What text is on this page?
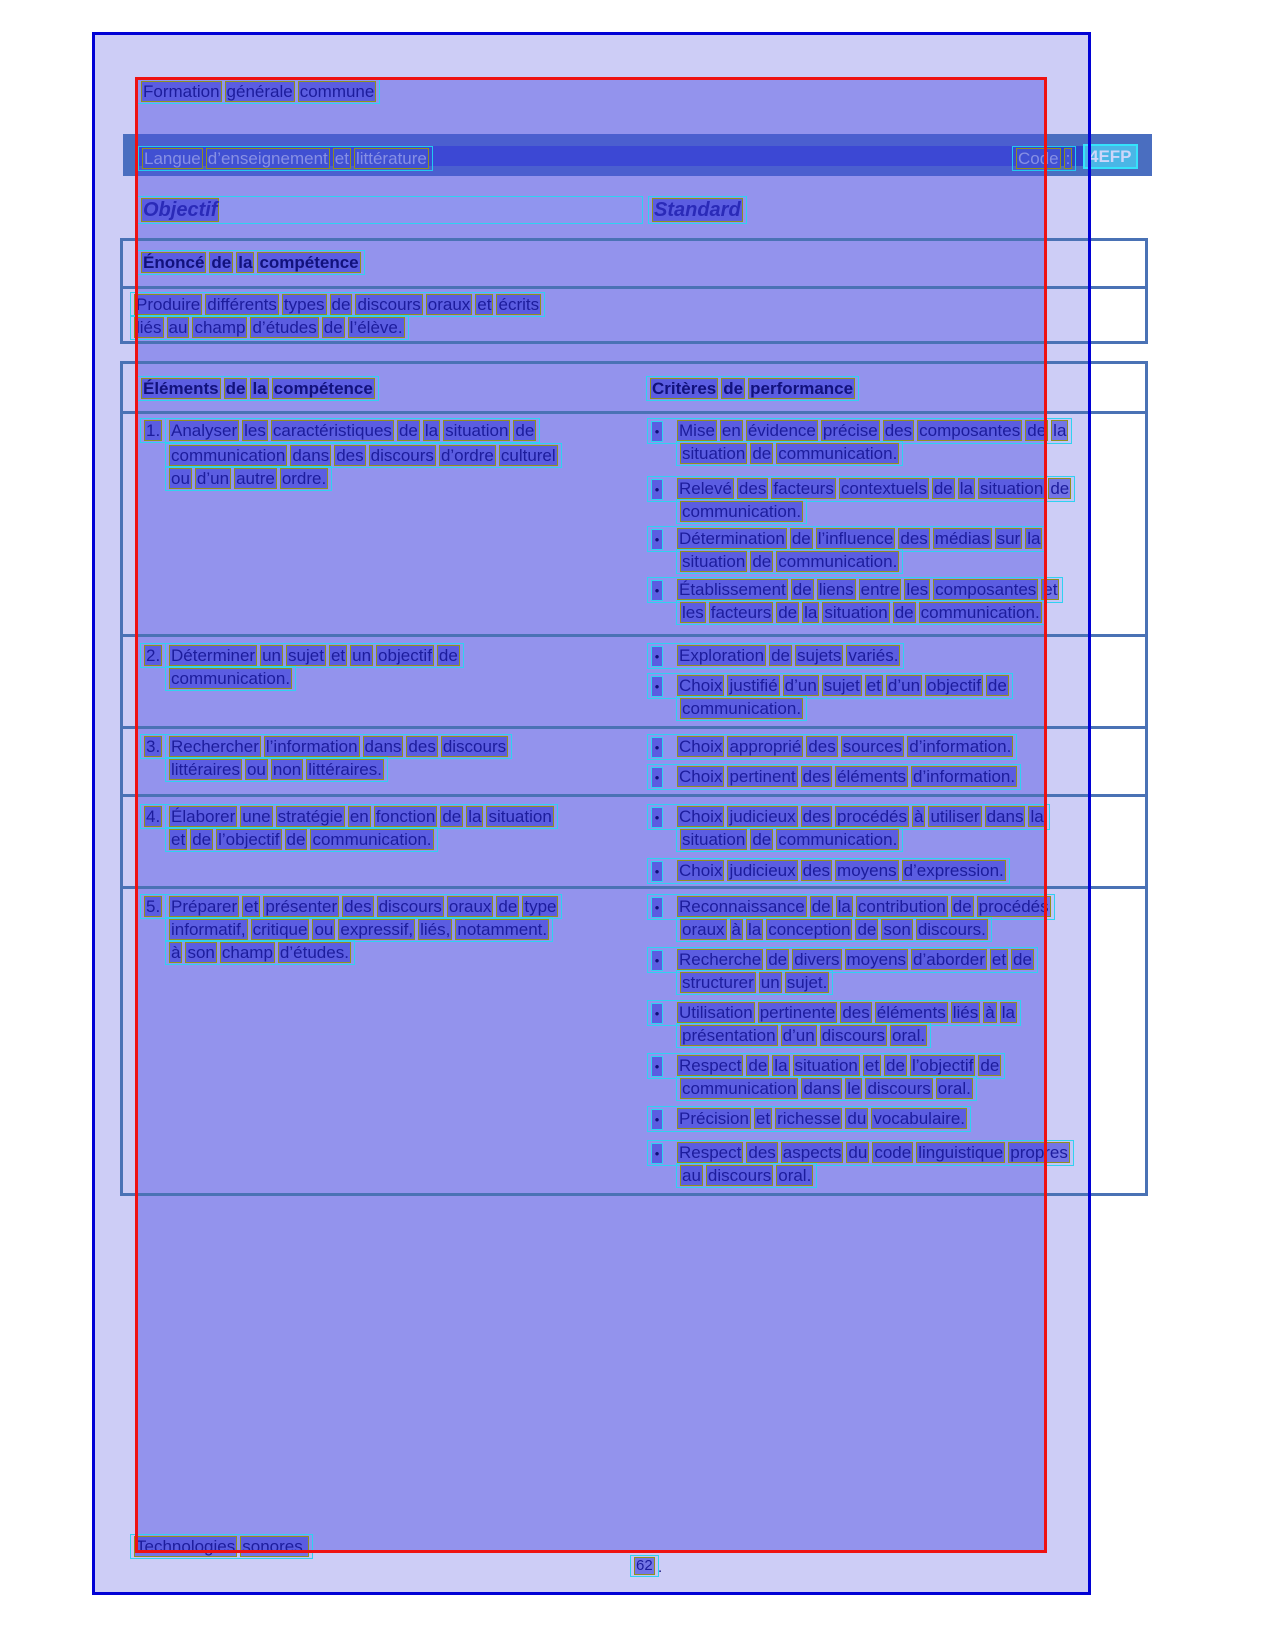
Formation générale commune
Langue d’enseignement et littérature	Code :	4EFP
Objectif	Standard
Énoncé de la compétence
Produire différents types de discours oraux et écrits
liés au champ d’études de l’élève.
Éléments de la compétence	Critères de performance
1. Analyser les caractéristiques de la situation de
communication dans des discours d’ordre culturel
ou d’un autre ordre.
• Mise en évidence précise des composantes de la
situation de communication.
• Relevé des facteurs contextuels de la situation de
communication.
• Détermination de l’influence des médias sur la
situation de communication.
• Établissement de liens entre les composantes et
les facteurs de la situation de communication.
2. Déterminer un sujet et un objectif de
communication.
• Exploration de sujets variés.
• Choix justifié d’un sujet et d’un objectif de
communication.
3. Rechercher l’information dans des discours
littéraires ou non littéraires.
• Choix approprié des sources d’information.
• Choix pertinent des éléments d’information.
4. Élaborer une stratégie en fonction de la situation
et de l’objectif de communication.
• Choix judicieux des procédés à utiliser dans la
situation de communication.
• Choix judicieux des moyens d’expression.
5. Préparer et présenter des discours oraux de type
informatif, critique ou expressif, liés, notamment.
à son champ d’études.
• Reconnaissance de la contribution de procédés
oraux à la conception de son discours.
• Recherche de divers moyens d’aborder et de
structurer un sujet.
• Utilisation pertinente des éléments liés à la
présentation d’un discours oral.
• Respect de la situation et de l’objectif de
communication dans le discours oral.
• Précision et richesse du vocabulaire.
• Respect des aspects du code linguistique propres
au discours oral.
Technologies sonores.
62 .
